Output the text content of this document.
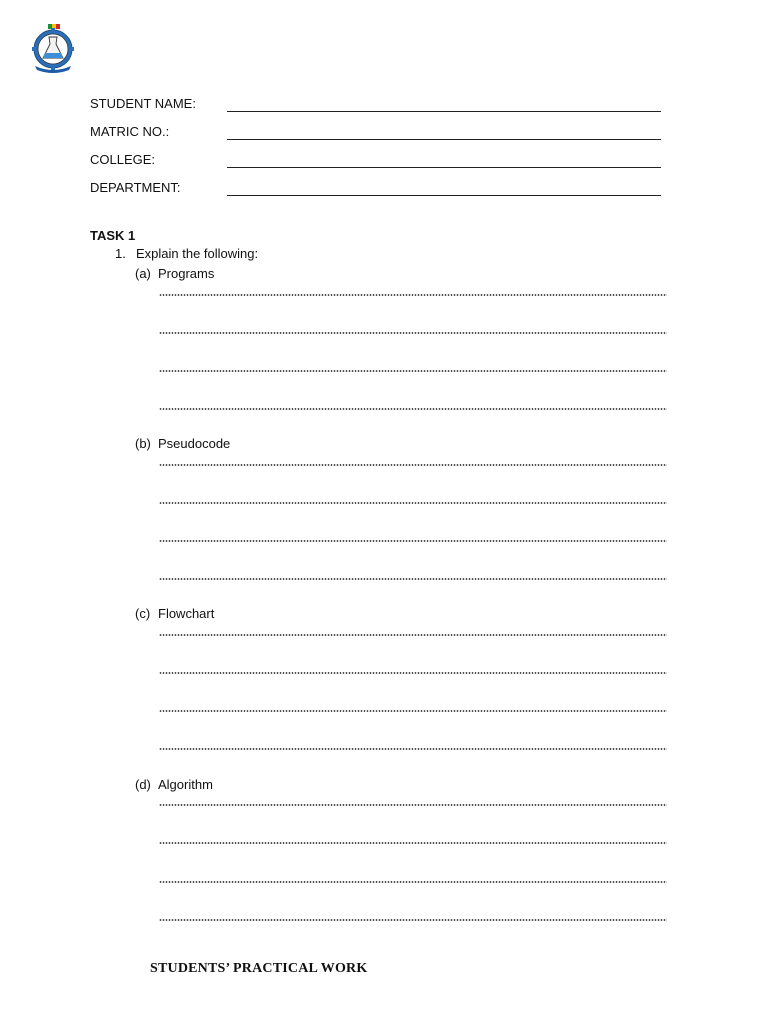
STUDENT NAME:
MATRIC NO.:
COLLEGE:
DEPARTMENT:
TASK 1
1. Explain the following:
(a) Programs
(b) Pseudocode
(c) Flowchart
(d) Algorithm
STUDENTS’ PRACTICAL WORK
